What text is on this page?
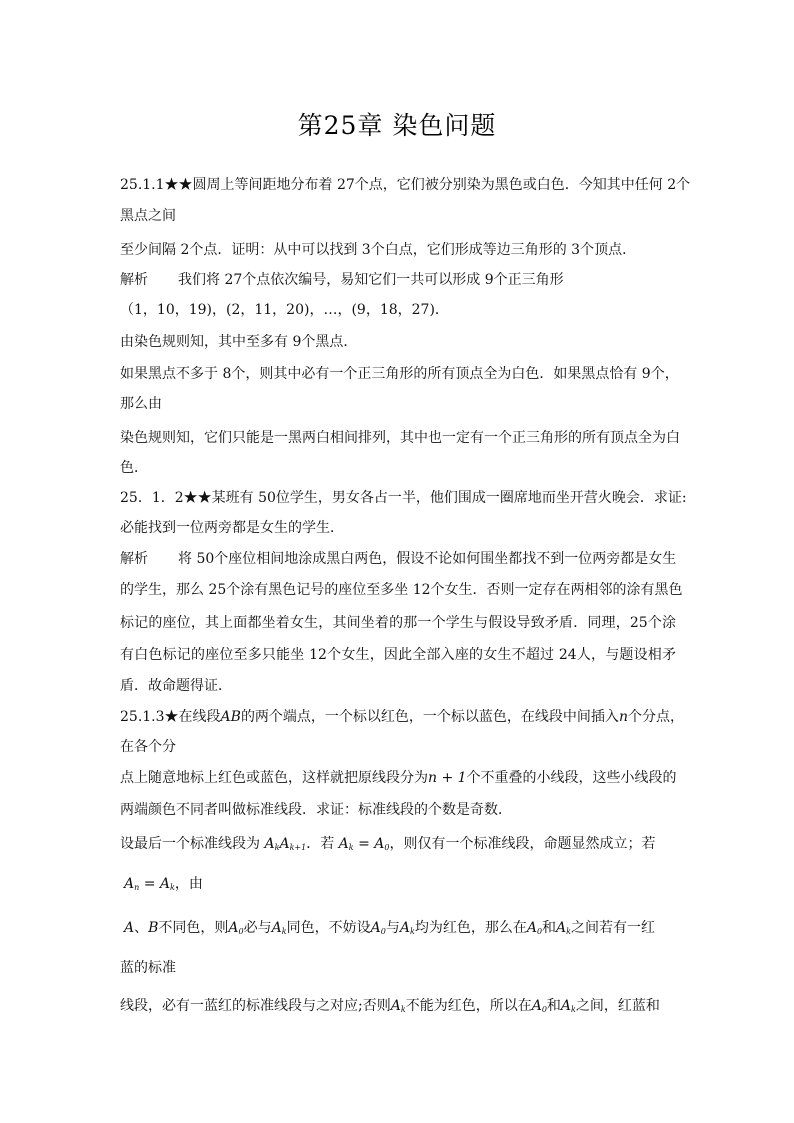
第25章 染色问题
25.1.1★★圆周上等间距地分布着 27个点，它们被分别染为黑色或白色．今知其中任何 2个
黑点之间
至少间隔 2个点．证明：从中可以找到 3个白点，它们形成等边三角形的 3个顶点．
解析 我们将 27个点依次编号，易知它们一共可以形成 9个正三角形
（1，10，19)，(2，11，20)，…，(9，18，27)．
由染色规则知，其中至多有 9个黑点．
如果黑点不多于 8个，则其中必有一个正三角形的所有顶点全为白色．如果黑点恰有 9个，
那么由
染色规则知，它们只能是一黑两白相间排列，其中也一定有一个正三角形的所有顶点全为白
色．
25．1．2★★某班有 50位学生，男女各占一半，他们围成一圈席地而坐开营火晚会．求证:
必能找到一位两旁都是女生的学生．
解析 将 50个座位相间地涂成黑白两色，假设不论如何围坐都找不到一位两旁都是女生
的学生，那么 25个涂有黑色记号的座位至多坐 12个女生．否则一定存在两相邻的涂有黑色
标记的座位，其上面都坐着女生，其间坐着的那一个学生与假设导致矛盾．同理，25个涂
有白色标记的座位至多只能坐 12个女生，因此全部入座的女生不超过 24人，与题设相矛
盾．故命题得证．
25.1.3★在线段AB的两个端点，一个标以红色，一个标以蓝色，在线段中间插入n个分点，
在各个分
点上随意地标上红色或蓝色，这样就把原线段分为n + 1个不重叠的小线段，这些小线段的
两端颜色不同者叫做标准线段．求证：标准线段的个数是奇数．
设最后一个标准线段为 $A_kA_{k+1}$．若 $A_k = A_0$，则仅有一个标准线段，命题显然成立；若
$A_n = A_k$，由
A、B不同色，则$A_0$必与$A_k$同色，不妨设$A_0$与$A_k$均为红色，那么在$A_0$和$A_k$之间若有一红
蓝的标准
线段，必有一蓝红的标准线段与之对应;否则$A_k$不能为红色，所以在$A_0$和$A_k$之间，红蓝和
